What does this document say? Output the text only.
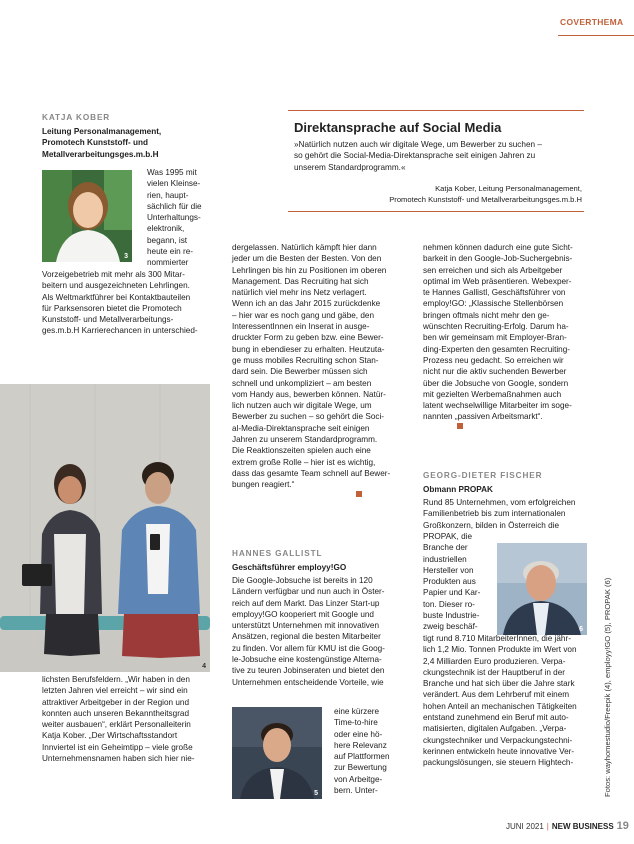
COVERTHEMA
Direktansprache auf Social Media
»Natürlich nutzen auch wir digitale Wege, um Bewerber zu suchen –
so gehört die Social-Media-Direktansprache seit einigen Jahren zu
unserem Standardprogramm.«
Katja Kober, Leitung Personalmanagement,
Promotech Kunststoff- und Metallverarbeitungsges.m.b.H
KATJA KOBER
Leitung Personalmanagement,
Promotech Kunststoff- und
Metallverarbeitungsges.m.b.H
3
Was 1995 mit
vielen Kleinse-
rien, haupt-
sächlich für die
Unterhaltungs-
elektronik,
begann, ist
heute ein re-
nommierter
Vorzeigebetrieb mit mehr als 300 Mitar-
beitern und ausgezeichneten Lehrlingen.
Als Weltmarktführer bei Kontaktbauteilen
für Parksensoren bietet die Promotech
Kunststoff- und Metallverarbeitungs-
ges.m.b.H Karrierechancen in unterschied-
4
lichsten Berufsfeldern. „Wir haben in den
letzten Jahren viel erreicht – wir sind ein
attraktiver Arbeitgeber in der Region und
konnten auch unseren Bekanntheitsgrad
weiter ausbauen“, erklärt Personalleiterin
Katja Kober. „Der Wirtschaftsstandort
Innviertel ist ein Geheimtipp – viele große
Unternehmensnamen haben sich hier nie-
dergelassen. Natürlich kämpft hier dann
jeder um die Besten der Besten. Von den
Lehrlingen bis hin zu Positionen im oberen
Management. Das Recruiting hat sich
natürlich viel mehr ins Netz verlagert.
Wenn ich an das Jahr 2015 zurückdenke
– hier war es noch gang und gäbe, den
InteressentInnen ein Inserat in ausge-
druckter Form zu geben bzw. eine Bewer-
bung in ebendieser zu erhalten. Heutzuta-
ge muss mobiles Recruiting schon Stan-
dard sein. Die Bewerber müssen sich
schnell und unkompliziert – am besten
vom Handy aus, bewerben können. Natür-
lich nutzen auch wir digitale Wege, um
Bewerber zu suchen – so gehört die Soci-
al-Media-Direktansprache seit einigen
Jahren zu unserem Standardprogramm.
Die Reaktionszeiten spielen auch eine
extrem große Rolle – hier ist es wichtig,
dass das gesamte Team schnell auf Bewer-
bungen reagiert.“
HANNES GALLISTL
Geschäftsführer employy!GO
Die Google-Jobsuche ist bereits in 120
Ländern verfügbar und nun auch in Öster-
reich auf dem Markt. Das Linzer Start-up
employy!GO kooperiert mit Google und
unterstützt Unternehmen mit innovativen
Ansätzen, regional die besten Mitarbeiter
zu finden. Vor allem für KMU ist die Goog-
le-Jobsuche eine kostengünstige Alterna-
tive zu teuren Jobinseraten und bietet den
Unternehmen entscheidende Vorteile, wie
5
eine kürzere
Time-to-hire
oder eine hö-
here Relevanz
auf Plattformen
zur Bewertung
von Arbeitge-
bern. Unter-
nehmen können dadurch eine gute Sicht-
barkeit in den Google-Job-Suchergebnis-
sen erreichen und sich als Arbeitgeber
optimal im Web präsentieren. Webexper-
te Hannes Gallistl, Geschäftsführer von
employ!GO: „Klassische Stellenbörsen
bringen oftmals nicht mehr den ge-
wünschten Recruiting-Erfolg. Darum ha-
ben wir gemeinsam mit Employer-Bran-
ding-Experten den gesamten Recruiting-
Prozess neu gedacht. So erreichen wir
nicht nur die aktiv suchenden Bewerber
über die Jobsuche von Google, sondern
mit gezielten Werbemaßnahmen auch
latent wechselwillige Mitarbeiter im soge-
nannten „passiven Arbeitsmarkt“.
GEORG-DIETER FISCHER
Obmann PROPAK
Rund 85 Unternehmen, vom erfolgreichen
Familienbetrieb bis zum internationalen
Großkonzern, bilden in Österreich die
PROPAK, die
Branche der
industriellen
Hersteller von
Produkten aus
Papier und Kar-
ton. Dieser ro-
buste Industrie-
zweig beschäf-	6
tigt rund 8.710 MitarbeiterInnen, die jähr-
lich 1,2 Mio. Tonnen Produkte im Wert von
2,4 Milliarden Euro produzieren. Verpa-
ckungstechnik ist der Hauptberuf in der
Branche und hat sich über die Jahre stark
verändert. Aus dem Lehrberuf mit einem
hohen Anteil an mechanischen Tätigkeiten
entstand zunehmend ein Beruf mit auto-
matisierten, digitalen Aufgaben. „Verpa-
ckungstechniker und Verpackungstechni-
kerinnen entwickeln heute innovative Ver-
packungslösungen, sie steuern Hightech-	Fotos: wayhomestudio/Freepik (4), employy!GO (5), PROPAK (6)
JUNI 2021 | NEW BUSINESS 19
